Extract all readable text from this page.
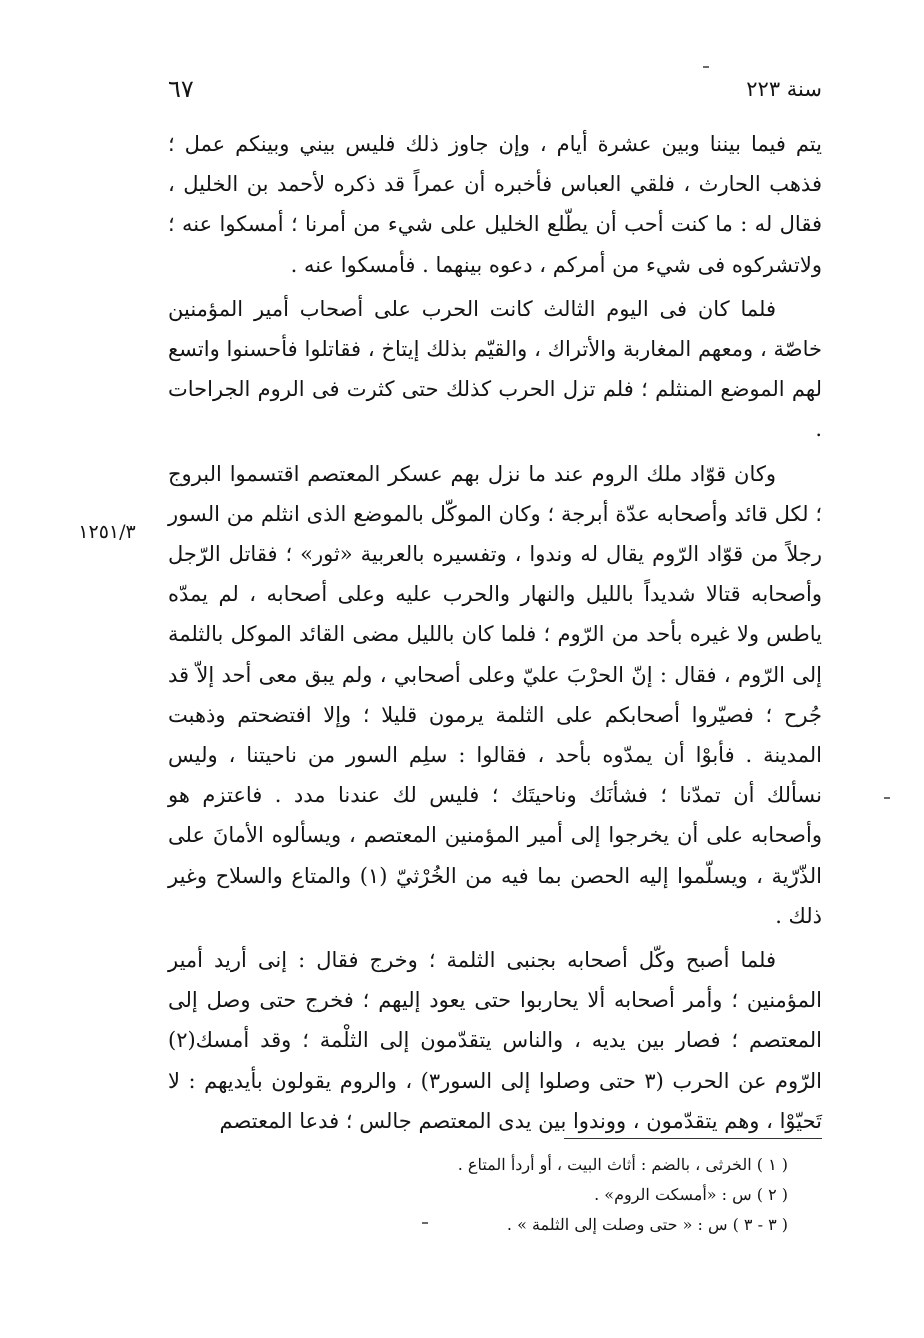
سنة ٢٢٣
٦٧
١٢٥١/٣

يتم فيما بيننا وبين عشرة أيام ، وإن جاوز ذلك فليس بيني وبينكم عمل ؛ فذهب الحارث ، فلقي العباس فأخبره أن عمراً قد ذكره لأحمد بن الخليل ، فقال له : ما كنت أحب أن يطّلع الخليل على شيء من أمرنا ؛ أمسكوا عنه ؛ ولاتشركوه فى شيء من أمركم ، دعوه بينهما . فأمسكوا عنه .

فلما كان فى اليوم الثالث كانت الحرب على أصحاب أمير المؤمنين خاصّة ، ومعهم المغاربة والأتراك ، والقيّم بذلك إيتاخ ، فقاتلوا فأحسنوا واتسع لهم الموضع المنثلم ؛ فلم تزل الحرب كذلك حتى كثرت فى الروم الجراحات .

وكان قوّاد ملك الروم عند ما نزل بهم عسكر المعتصم اقتسموا البروج ؛ لكل قائد وأصحابه عدّة أبرجة ؛ وكان الموكّل بالموضع الذى انثلم من السور رجلاً من قوّاد الرّوم يقال له وندوا ، وتفسيره بالعربية «ثور» ؛ فقاتل الرّجل وأصحابه قتالا شديداً بالليل والنهار والحرب عليه وعلى أصحابه ، لم يمدّه ياطس ولا غيره بأحد من الرّوم ؛ فلما كان بالليل مضى القائد الموكل بالثلمة إلى الرّوم ، فقال : إنّ الحرْبَ عليّ وعلى أصحابي ، ولم يبق معى أحد إلاّ قد جُرح ؛ فصيّروا أصحابكم على الثلمة يرمون قليلا ؛ وإلا افتضحتم وذهبت المدينة . فأبوْا أن يمدّوه بأحد ، فقالوا : سلِم السور من ناحيتنا ، وليس نسألك أن تمدّنا ؛ فشأنَك وناحيتَك ؛ فليس لك عندنا مدد . فاعتزم هو وأصحابه على أن يخرجوا إلى أمير المؤمنين المعتصم ، ويسألوه الأمانَ على الذّرّية ، ويسلّموا إليه الحصن بما فيه من الخُرْثيّ (١) والمتاع والسلاح وغير ذلك .

فلما أصبح وكّل أصحابه بجنبى الثلمة ؛ وخرج فقال : إنى أريد أمير المؤمنين ؛ وأمر أصحابه ألا يحاربوا حتى يعود إليهم ؛ فخرج حتى وصل إلى المعتصم ؛ فصار بين يديه ، والناس يتقدّمون إلى الثلْمة ؛ وقد أمسك(٢) الرّوم عن الحرب (٣ حتى وصلوا إلى السور٣) ، والروم يقولون بأيديهم : لا تَحيّوْا ، وهم يتقدّمون ، ووندوا بين يدى المعتصم جالس ؛ فدعا المعتصم

( ١ ) الخرثى ، بالضم : أثاث البيت ، أو أردأ المتاع .
( ٢ ) س : «أمسكت الروم» .
( ٣ - ٣ ) س : « حتى وصلت إلى الثلمة » .
